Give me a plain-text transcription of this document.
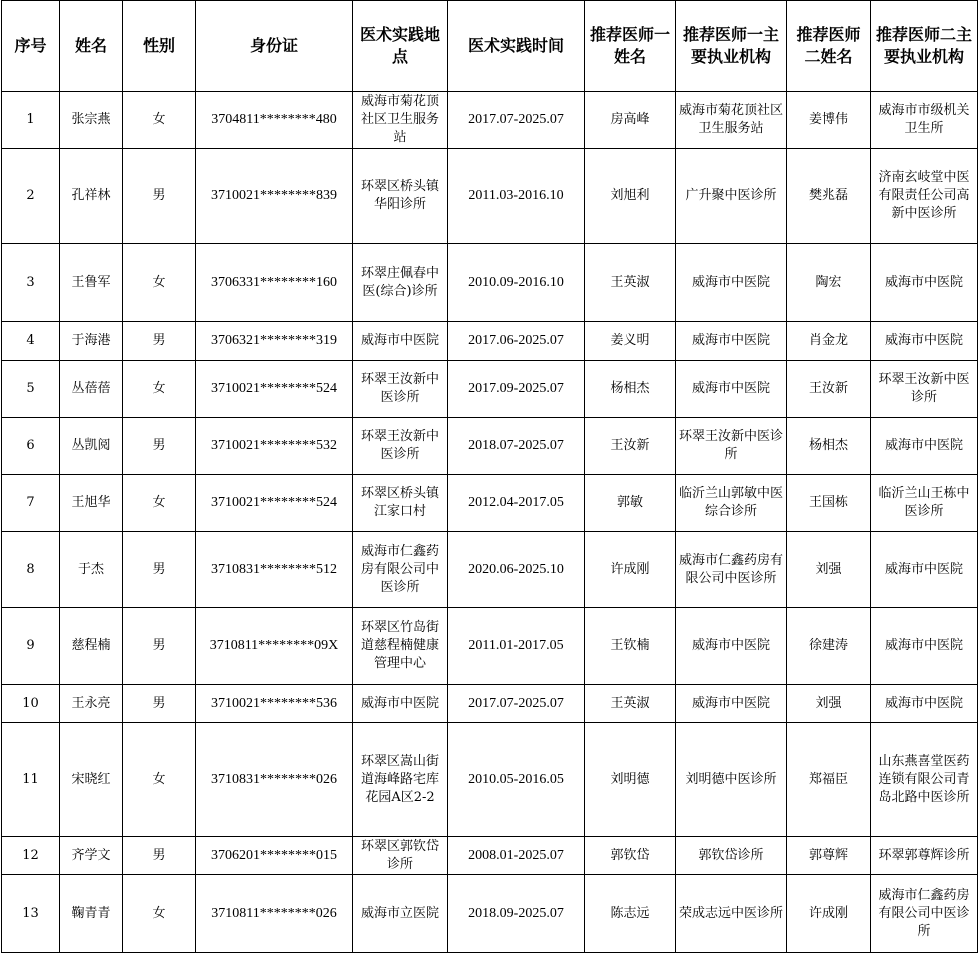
序号	姓名	性别	身份证	医术实践地点	医术实践时间	推荐医师一姓名	推荐医师一主要执业机构	推荐医师二姓名	推荐医师二主要执业机构
1	张宗燕	女	3704811********480	威海市菊花顶社区卫生服务站	2017.07-2025.07	房高峰	威海市菊花顶社区卫生服务站	姜博伟	威海市市级机关卫生所
2	孔祥林	男	3710021********839	环翠区桥头镇华阳诊所	2011.03-2016.10	刘旭利	广升聚中医诊所	樊兆磊	济南玄岐堂中医有限责任公司高新中医诊所
3	王鲁军	女	3706331********160	环翠庄佩春中医(综合)诊所	2010.09-2016.10	王英淑	威海市中医院	陶宏	威海市中医院
4	于海港	男	3706321********319	威海市中医院	2017.06-2025.07	姜义明	威海市中医院	肖金龙	威海市中医院
5	丛蓓蓓	女	3710021********524	环翠王汝新中医诊所	2017.09-2025.07	杨相杰	威海市中医院	王汝新	环翠王汝新中医诊所
6	丛凯阅	男	3710021********532	环翠王汝新中医诊所	2018.07-2025.07	王汝新	环翠王汝新中医诊所	杨相杰	威海市中医院
7	王旭华	女	3710021********524	环翠区桥头镇江家口村	2012.04-2017.05	郭敏	临沂兰山郭敏中医综合诊所	王国栋	临沂兰山王栋中医诊所
8	于杰	男	3710831********512	威海市仁鑫药房有限公司中医诊所	2020.06-2025.10	许成刚	威海市仁鑫药房有限公司中医诊所	刘强	威海市中医院
9	慈程楠	男	3710811********09X	环翠区竹岛街道慈程楠健康管理中心	2011.01-2017.05	王钦楠	威海市中医院	徐建涛	威海市中医院
10	王永亮	男	3710021********536	威海市中医院	2017.07-2025.07	王英淑	威海市中医院	刘强	威海市中医院
11	宋晓红	女	3710831********026	环翠区嵩山街道海峰路宅库花园A区2-2	2010.05-2016.05	刘明德	刘明德中医诊所	郑福臣	山东燕喜堂医药连锁有限公司青岛北路中医诊所
12	齐学文	男	3706201********015	环翠区郭钦岱诊所	2008.01-2025.07	郭钦岱	郭钦岱诊所	郭尊辉	环翠郭尊辉诊所
13	鞠青青	女	3710811********026	威海市立医院	2018.09-2025.07	陈志远	荣成志远中医诊所	许成刚	威海市仁鑫药房有限公司中医诊所
